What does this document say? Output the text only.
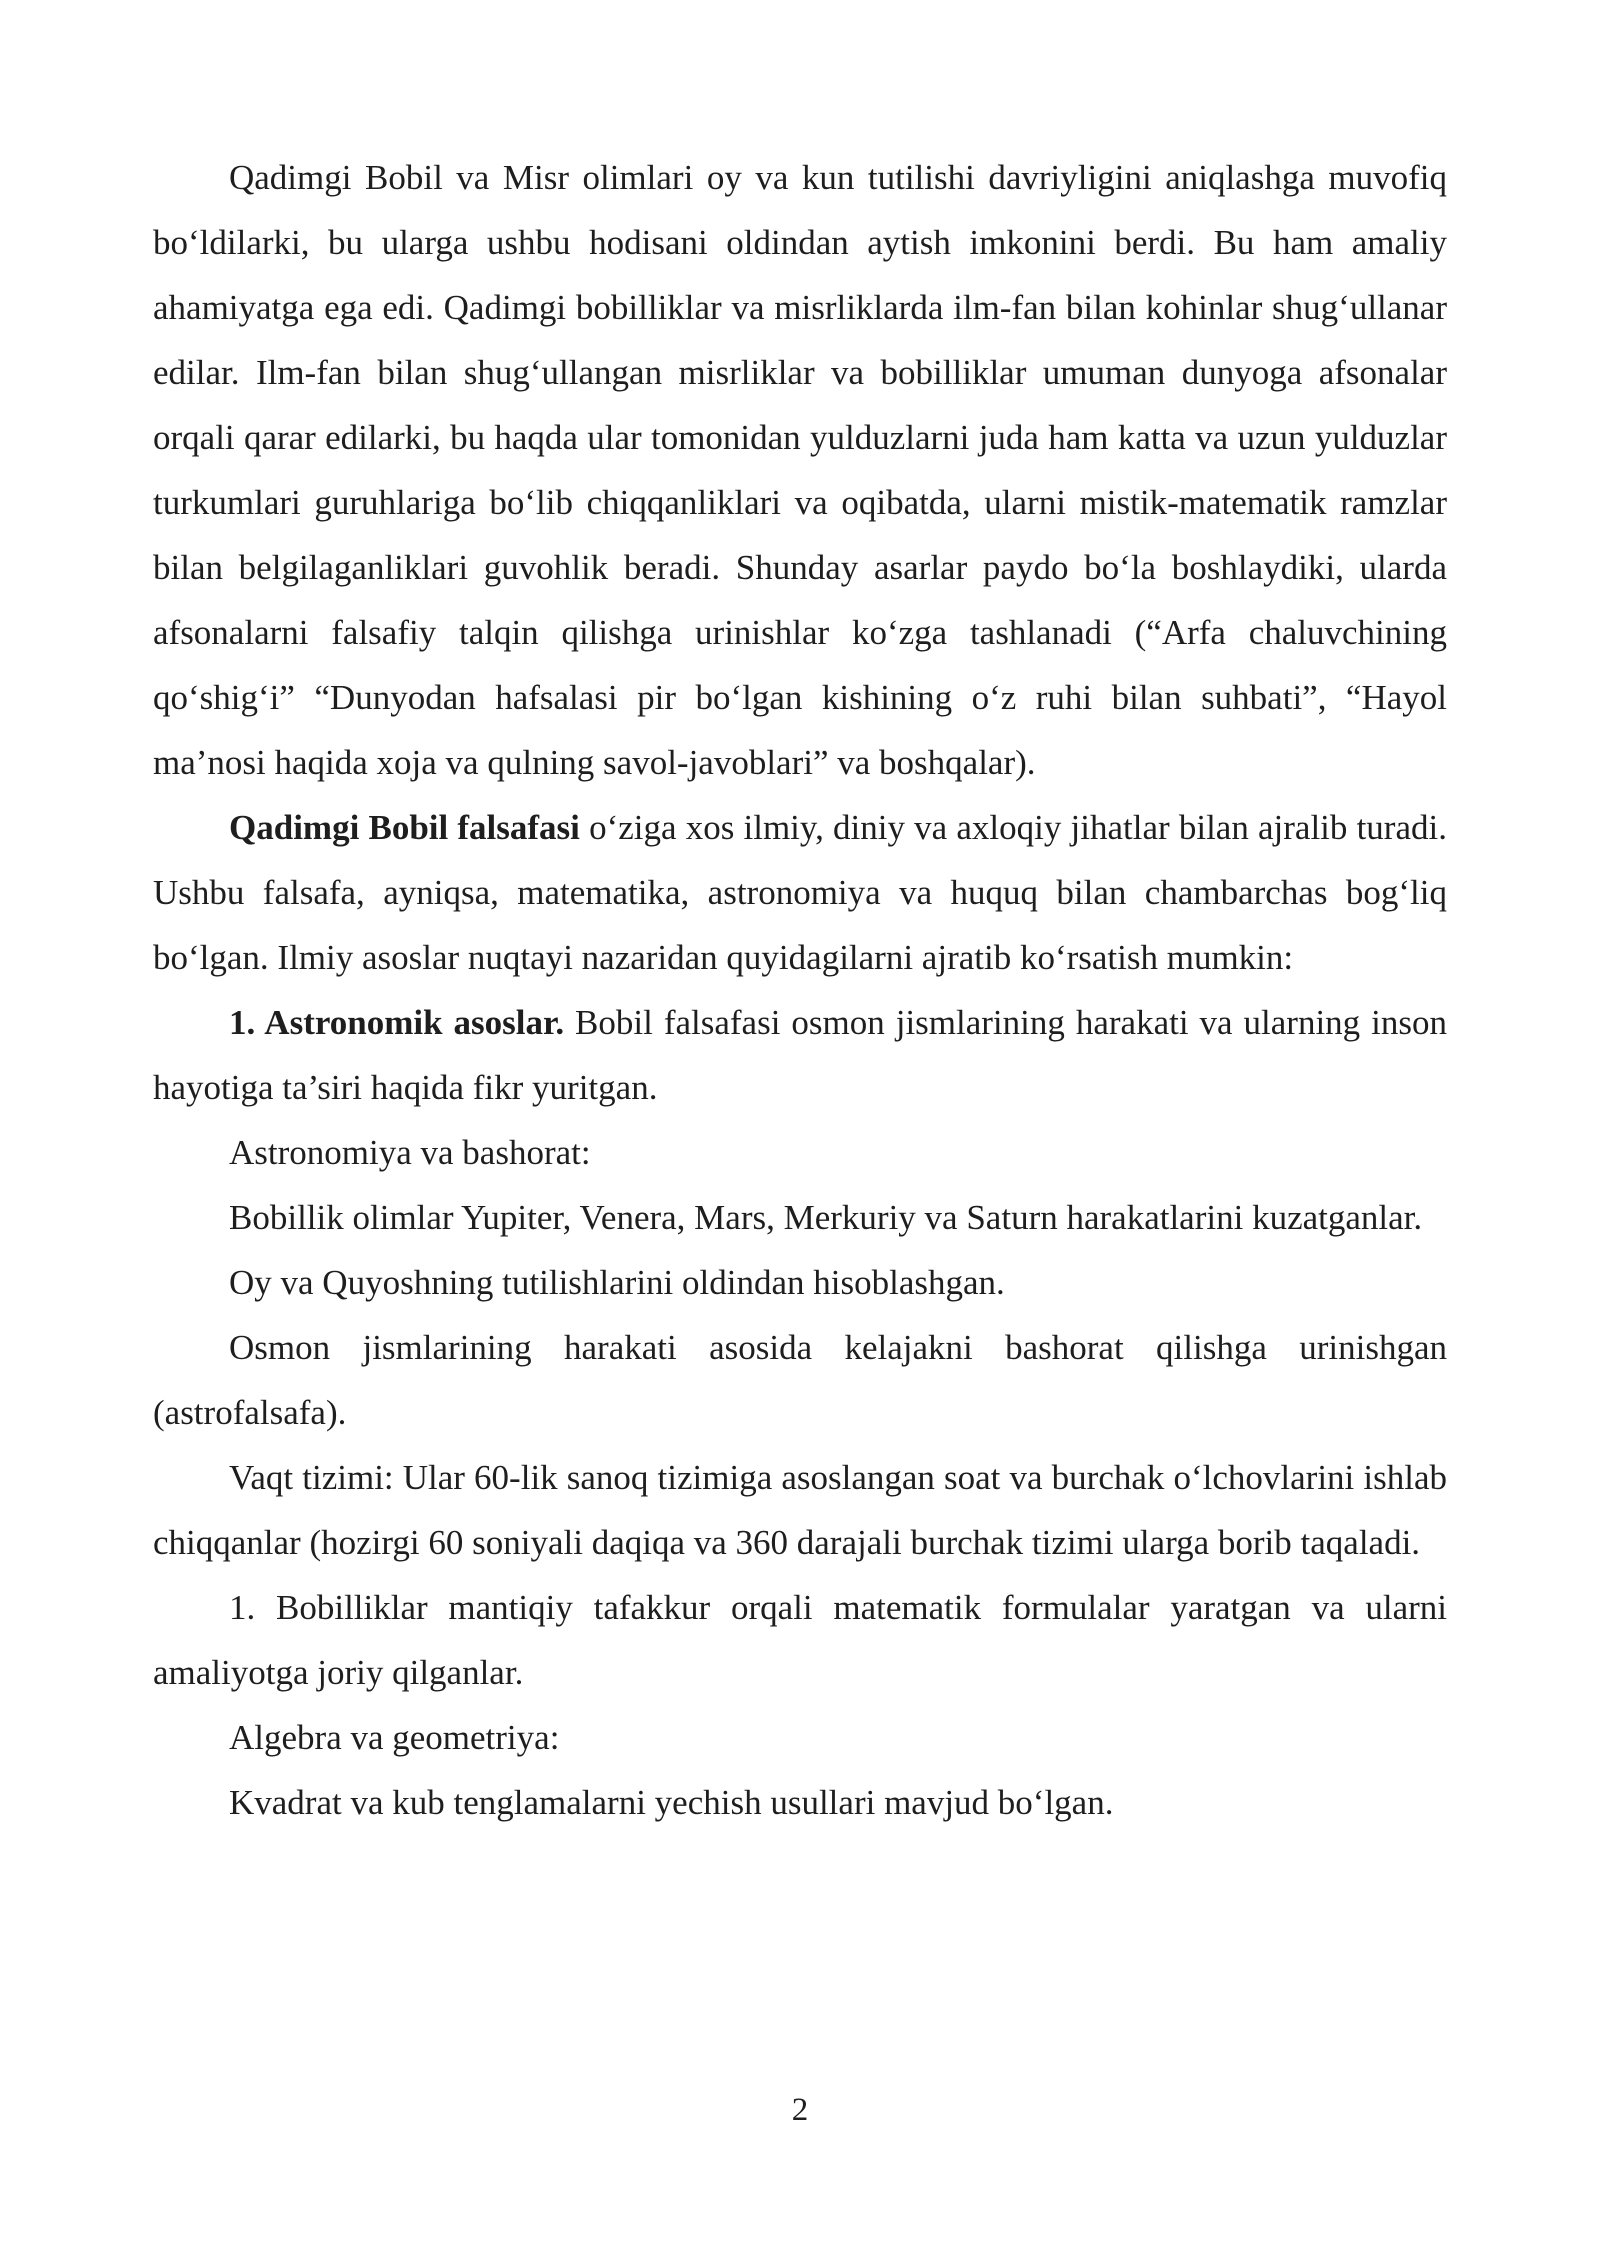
Qadimgi Bobil va Misr olimlari oy va kun tutilishi davriyligini aniqlashga muvofiq bo‘ldilarki, bu ularga ushbu hodisani oldindan aytish imkonini berdi. Bu ham amaliy ahamiyatga ega edi. Qadimgi bobilliklar va misrliklarda ilm-fan bilan kohinlar shug‘ullanar edilar. Ilm-fan bilan shug‘ullangan misrliklar va bobilliklar umuman dunyoga afsonalar orqali qarar edilarki, bu haqda ular tomonidan yulduzlarni juda ham katta va uzun yulduzlar turkumlari guruhlariga bo‘lib chiqqanliklari va oqibatda, ularni mistik-matematik ramzlar bilan belgilaganliklari guvohlik beradi. Shunday asarlar paydo bo‘la boshlaydiki, ularda afsonalarni falsafiy talqin qilishga urinishlar ko‘zga tashlanadi (“Arfa chaluvchining qo‘shig‘i” “Dunyodan hafsalasi pir bo‘lgan kishining o‘z ruhi bilan suhbati”, “Hayol ma’nosi haqida xoja va qulning savol-javoblari” va boshqalar).

Qadimgi Bobil falsafasi o‘ziga xos ilmiy, diniy va axloqiy jihatlar bilan ajralib turadi. Ushbu falsafa, ayniqsa, matematika, astronomiya va huquq bilan chambarchas bog‘liq bo‘lgan. Ilmiy asoslar nuqtayi nazaridan quyidagilarni ajratib ko‘rsatish mumkin:

1. Astronomik asoslar. Bobil falsafasi osmon jismlarining harakati va ularning inson hayotiga ta’siri haqida fikr yuritgan.

Astronomiya va bashorat:

Bobillik olimlar Yupiter, Venera, Mars, Merkuriy va Saturn harakatlarini kuzatganlar.

Oy va Quyoshning tutilishlarini oldindan hisoblashgan.

Osmon jismlarining harakati asosida kelajakni bashorat qilishga urinishgan (astrofalsafa).

Vaqt tizimi: Ular 60-lik sanoq tizimiga asoslangan soat va burchak o‘lchovlarini ishlab chiqqanlar (hozirgi 60 soniyali daqiqa va 360 darajali burchak tizimi ularga borib taqaladi.

1. Bobilliklar mantiqiy tafakkur orqali matematik formulalar yaratgan va ularni amaliyotga joriy qilganlar.

Algebra va geometriya:

Kvadrat va kub tenglamalarni yechish usullari mavjud bo‘lgan.

2
